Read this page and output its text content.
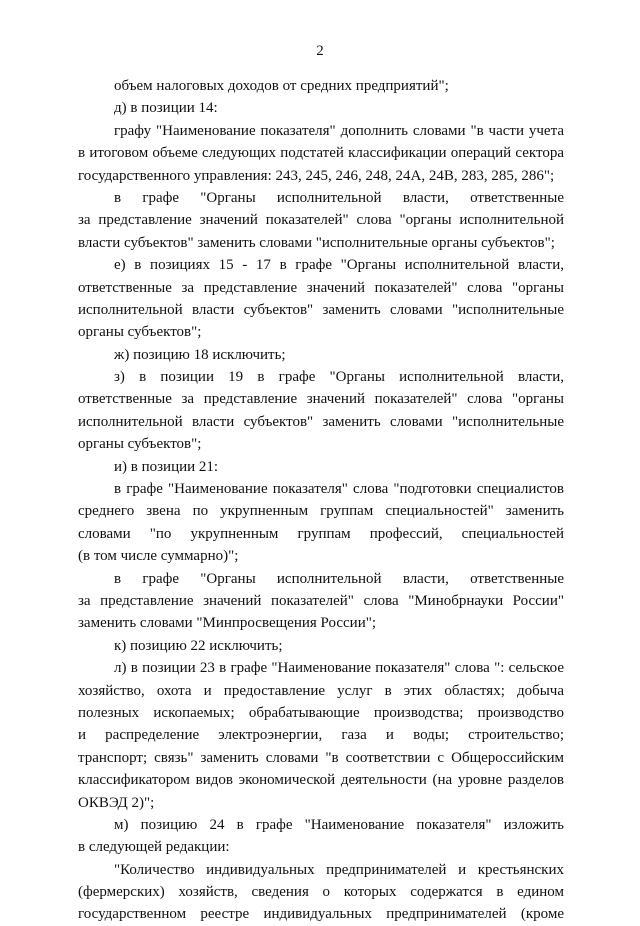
2
объем налоговых доходов от средних предприятий";
д) в позиции 14:
графу "Наименование показателя" дополнить словами "в части учета
в итоговом объеме следующих подстатей классификации операций сектора
государственного управления: 243, 245, 246, 248, 24А, 24В, 283, 285, 286";
в графе "Органы исполнительной власти, ответственные
за представление значений показателей" слова "органы исполнительной
власти субъектов" заменить словами "исполнительные органы субъектов";
е) в позициях 15 - 17 в графе "Органы исполнительной власти,
ответственные за представление значений показателей" слова "органы
исполнительной власти субъектов" заменить словами "исполнительные
органы субъектов";
ж) позицию 18 исключить;
з) в позиции 19 в графе "Органы исполнительной власти,
ответственные за представление значений показателей" слова "органы
исполнительной власти субъектов" заменить словами "исполнительные
органы субъектов";
и) в позиции 21:
в графе "Наименование показателя" слова "подготовки специалистов
среднего звена по укрупненным группам специальностей" заменить
словами "по укрупненным группам профессий, специальностей
(в том числе суммарно)";
в графе "Органы исполнительной власти, ответственные
за представление значений показателей" слова "Минобрнауки России"
заменить словами "Минпросвещения России";
к) позицию 22 исключить;
л) в позиции 23 в графе "Наименование показателя" слова ": сельское
хозяйство, охота и предоставление услуг в этих областях; добыча
полезных ископаемых; обрабатывающие производства; производство
и распределение электроэнергии, газа и воды; строительство;
транспорт; связь" заменить словами "в соответствии с Общероссийским
классификатором видов экономической деятельности (на уровне разделов
ОКВЭД 2)";
м) позицию 24 в графе "Наименование показателя" изложить
в следующей редакции:
"Количество индивидуальных предпринимателей и крестьянских
(фермерских) хозяйств, сведения о которых содержатся в едином
государственном реестре индивидуальных предпринимателей (кроме
